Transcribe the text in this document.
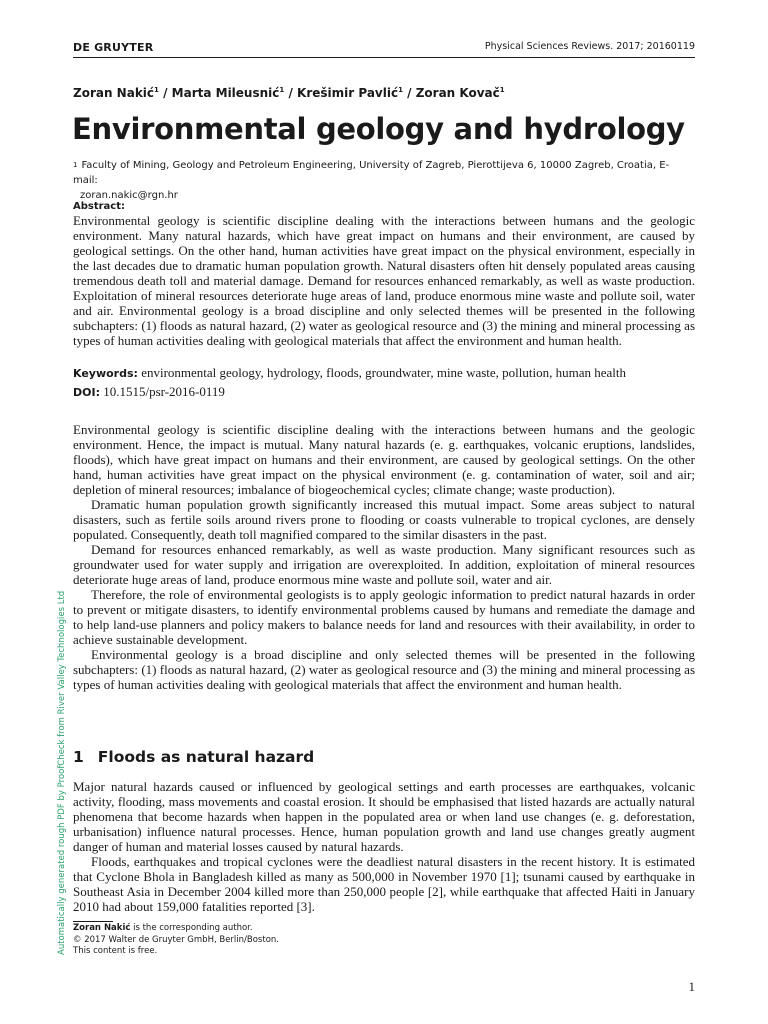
DE GRUYTER	Physical Sciences Reviews. 2017; 20160119
Zoran Nakić$^1$ / Marta Mileusnić$^1$ / Krešimir Pavlić$^1$ / Zoran Kovač$^1$
Environmental geology and hydrology
$^1$ Faculty of Mining, Geology and Petroleum Engineering, University of Zagreb, Pierottijeva 6, 10000 Zagreb, Croatia, E-mail:
zoran.nakic@rgn.hr
Abstract:

Environmental geology is scientific discipline dealing with the interactions between humans and the geologic environment. Many natural hazards, which have great impact on humans and their environment, are caused by geological settings. On the other hand, human activities have great impact on the physical environment, especially in the last decades due to dramatic human population growth. Natural disasters often hit densely populated areas causing tremendous death toll and material damage. Demand for resources enhanced remarkably, as well as waste production. Exploitation of mineral resources deteriorate huge areas of land, produce enormous mine waste and pollute soil, water and air. Environmental geology is a broad discipline and only selected themes will be presented in the following subchapters: (1) floods as natural hazard, (2) water as geological resource and (3) the mining and mineral processing as types of human activities dealing with geological materials that affect the environment and human health.

Keywords: environmental geology, hydrology, floods, groundwater, mine waste, pollution, human health
DOI: 10.1515/psr-2016-0119
Environmental geology is scientific discipline dealing with the interactions between humans and the geologic environment. Hence, the impact is mutual. Many natural hazards (e. g. earthquakes, volcanic eruptions, landslides, floods), which have great impact on humans and their environment, are caused by geological settings. On the other hand, human activities have great impact on the physical environment (e. g. contamination of water, soil and air; depletion of mineral resources; imbalance of biogeochemical cycles; climate change; waste production).
Dramatic human population growth significantly increased this mutual impact. Some areas subject to natural disasters, such as fertile soils around rivers prone to flooding or coasts vulnerable to tropical cyclones, are densely populated. Consequently, death toll magnified compared to the similar disasters in the past.
Demand for resources enhanced remarkably, as well as waste production. Many significant resources such as groundwater used for water supply and irrigation are overexploited. In addition, exploitation of mineral resources deteriorate huge areas of land, produce enormous mine waste and pollute soil, water and air.
Therefore, the role of environmental geologists is to apply geologic information to predict natural hazards in order to prevent or mitigate disasters, to identify environmental problems caused by humans and remediate the damage and to help land-use planners and policy makers to balance needs for land and resources with their availability, in order to achieve sustainable development.
Environmental geology is a broad discipline and only selected themes will be presented in the following subchapters: (1) floods as natural hazard, (2) water as geological resource and (3) the mining and mineral processing as types of human activities dealing with geological materials that affect the environment and human health.
1 Floods as natural hazard
Major natural hazards caused or influenced by geological settings and earth processes are earthquakes, volcanic activity, flooding, mass movements and coastal erosion. It should be emphasised that listed hazards are actually natural phenomena that become hazards when happen in the populated area or when land use changes (e. g. deforestation, urbanisation) influence natural processes. Hence, human population growth and land use changes greatly augment danger of human and material losses caused by natural hazards.
Floods, earthquakes and tropical cyclones were the deadliest natural disasters in the recent history. It is estimated that Cyclone Bhola in Bangladesh killed as many as 500,000 in November 1970 [1]; tsunami caused by earthquake in Southeast Asia in December 2004 killed more than 250,000 people [2], while earthquake that affected Haiti in January 2010 had about 159,000 fatalities reported [3].
Zoran Nakić is the corresponding author.
© 2017 Walter de Gruyter GmbH, Berlin/Boston.
This content is free.
Automatically generated rough PDF by ProofCheck from River Valley Technologies Ltd
1
